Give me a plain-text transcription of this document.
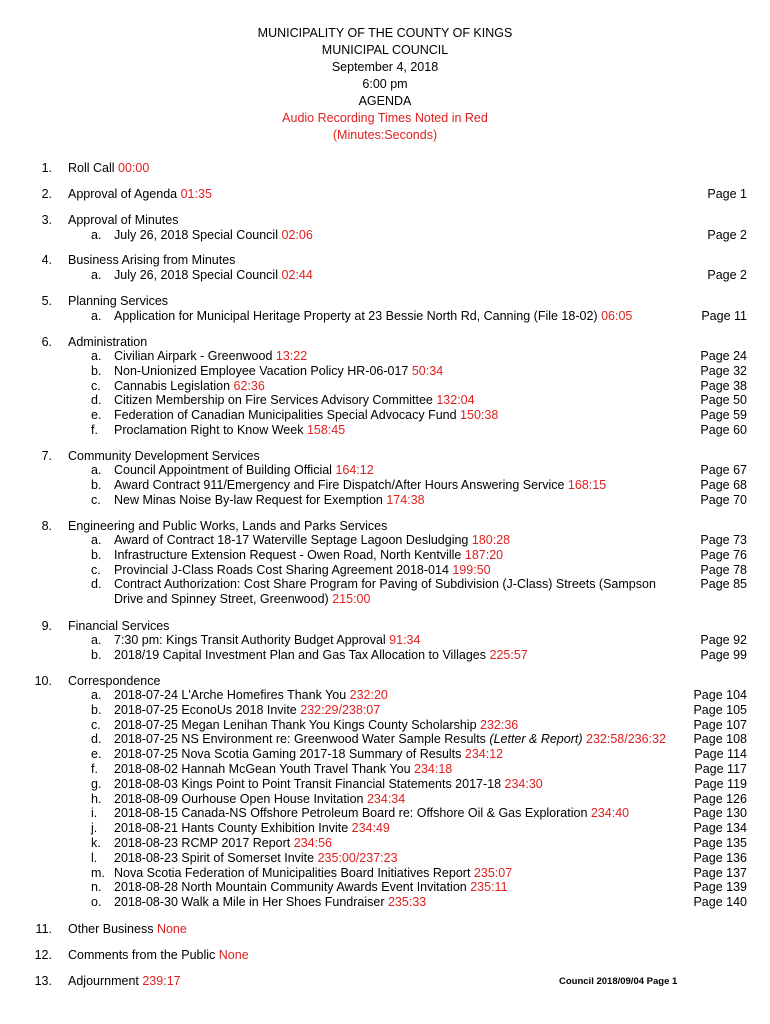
MUNICIPALITY OF THE COUNTY OF KINGS
MUNICIPAL COUNCIL
September 4, 2018
6:00 pm
AGENDA
Audio Recording Times Noted in Red
(Minutes:Seconds)
1. Roll Call 00:00
2. Approval of Agenda 01:35	Page 1
3. Approval of Minutes
a. July 26, 2018 Special Council 02:06	Page 2
4. Business Arising from Minutes
a. July 26, 2018 Special Council 02:44	Page 2
5. Planning Services
a. Application for Municipal Heritage Property at 23 Bessie North Rd, Canning (File 18-02) 06:05	Page 11
6. Administration
a. Civilian Airpark - Greenwood 13:22	Page 24
b. Non-Unionized Employee Vacation Policy HR-06-017 50:34	Page 32
c.	Cannabis Legislation 62:36	Page 38
d. Citizen Membership on Fire Services Advisory Committee 132:04	Page 50
e. Federation of Canadian Municipalities Special Advocacy Fund 150:38	Page 59
f.	Proclamation Right to Know Week 158:45	Page 60
7. Community Development Services
a. Council Appointment of Building Official 164:12	Page 67
b. Award Contract 911/Emergency and Fire Dispatch/After Hours Answering Service 168:15	Page 68
c.	New Minas Noise By-law Request for Exemption 174:38	Page 70
8. Engineering and Public Works, Lands and Parks Services
a. Award of Contract 18-17 Waterville Septage Lagoon Desludging 180:28	Page 73
b. Infrastructure Extension Request - Owen Road, North Kentville 187:20	Page 76
c.	Provincial J-Class Roads Cost Sharing Agreement 2018-014 199:50	Page 78
d. Contract Authorization: Cost Share Program for Paving of Subdivision (J-Class) Streets (Sampson	Page 85
Drive and Spinney Street, Greenwood) 215:00
9. Financial Services
a. 7:30 pm: Kings Transit Authority Budget Approval 91:34	Page 92
b. 2018/19 Capital Investment Plan and Gas Tax Allocation to Villages 225:57	Page 99
10. Correspondence
a. 2018-07-24 L'Arche Homefires Thank You 232:20	Page 104
b. 2018-07-25 EconoUs 2018 Invite 232:29/238:07	Page 105
c.	2018-07-25 Megan Lenihan Thank You Kings County Scholarship 232:36	Page 107
d. 2018-07-25 NS Environment re: Greenwood Water Sample Results (Letter & Report) 232:58/236:32 Page 108
e. 2018-07-25 Nova Scotia Gaming 2017-18 Summary of Results 234:12	Page 114
f.	2018-08-02 Hannah McGean Youth Travel Thank You 234:18	Page 117
g. 2018-08-03 Kings Point to Point Transit Financial Statements 2017-18 234:30	Page 119
h. 2018-08-09 Ourhouse Open House Invitation 234:34	Page 126
i.	2018-08-15 Canada-NS Offshore Petroleum Board re: Offshore Oil & Gas Exploration 234:40	Page 130
j.	2018-08-21 Hants County Exhibition Invite 234:49	Page 134
k.	2018-08-23 RCMP 2017 Report 234:56	Page 135
l.	2018-08-23 Spirit of Somerset Invite 235:00/237:23	Page 136
m. Nova Scotia Federation of Municipalities Board Initiatives Report 235:07	Page 137
n. 2018-08-28 North Mountain Community Awards Event Invitation 235:11	Page 139
o. 2018-08-30 Walk a Mile in Her Shoes Fundraiser 235:33	Page 140
11. Other Business None
12. Comments from the Public None
13. Adjournment 239:17	Council 2018/09/04 Page 1
